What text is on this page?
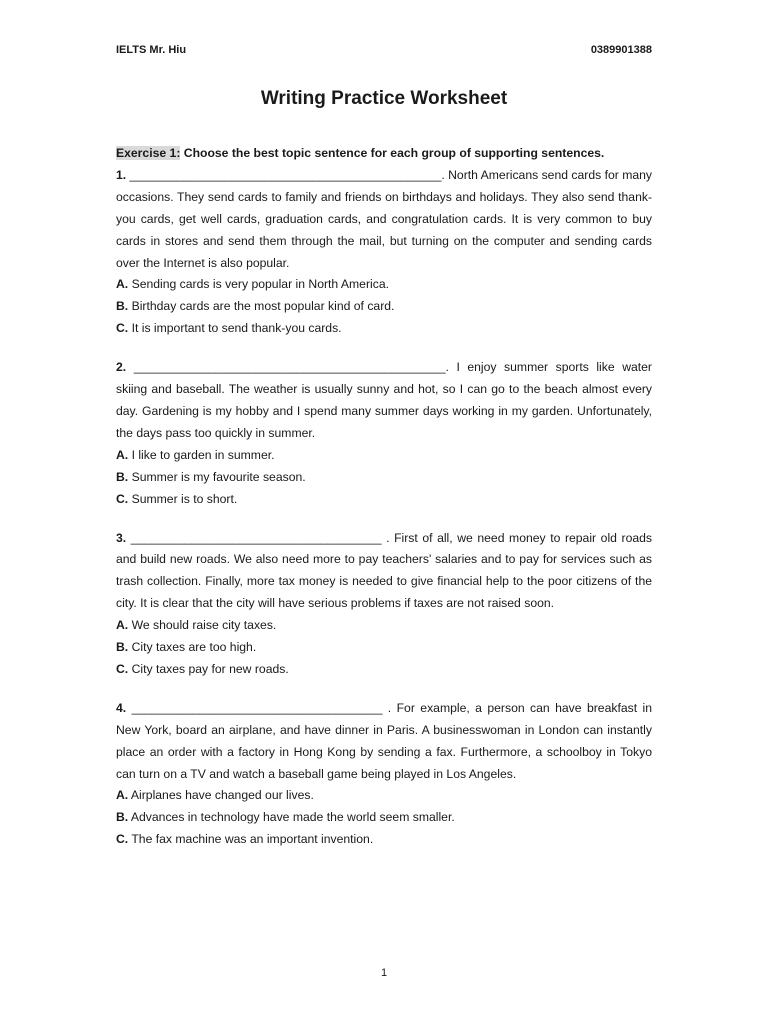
IELTS Mr. Hiu	0389901388
Writing Practice Worksheet

Exercise 1: Choose the best topic sentence for each group of supporting sentences.

1. ______________________________________________. North Americans send cards for many occasions. They send cards to family and friends on birthdays and holidays. They also send thank-you cards, get well cards, graduation cards, and congratulation cards. It is very common to buy cards in stores and send them through the mail, but turning on the computer and sending cards over the Internet is also popular.

A. Sending cards is very popular in North America.

B. Birthday cards are the most popular kind of card.

C. It is important to send thank-you cards.

2. ______________________________________________. I enjoy summer sports like water skiing and baseball. The weather is usually sunny and hot, so I can go to the beach almost every day. Gardening is my hobby and I spend many summer days working in my garden. Unfortunately, the days pass too quickly in summer.

A. I like to garden in summer.

B. Summer is my favourite season.

C. Summer is to short.

3. _____________________________________ . First of all, we need money to repair old roads and build new roads. We also need more to pay teachers' salaries and to pay for services such as trash collection. Finally, more tax money is needed to give financial help to the poor citizens of the city. It is clear that the city will have serious problems if taxes are not raised soon.

A. We should raise city taxes.

B. City taxes are too high.

C. City taxes pay for new roads.

4. _____________________________________ . For example, a person can have breakfast in New York, board an airplane, and have dinner in Paris. A businesswoman in London can instantly place an order with a factory in Hong Kong by sending a fax. Furthermore, a schoolboy in Tokyo can turn on a TV and watch a baseball game being played in Los Angeles.

A. Airplanes have changed our lives.

B. Advances in technology have made the world seem smaller.

C. The fax machine was an important invention.

1
